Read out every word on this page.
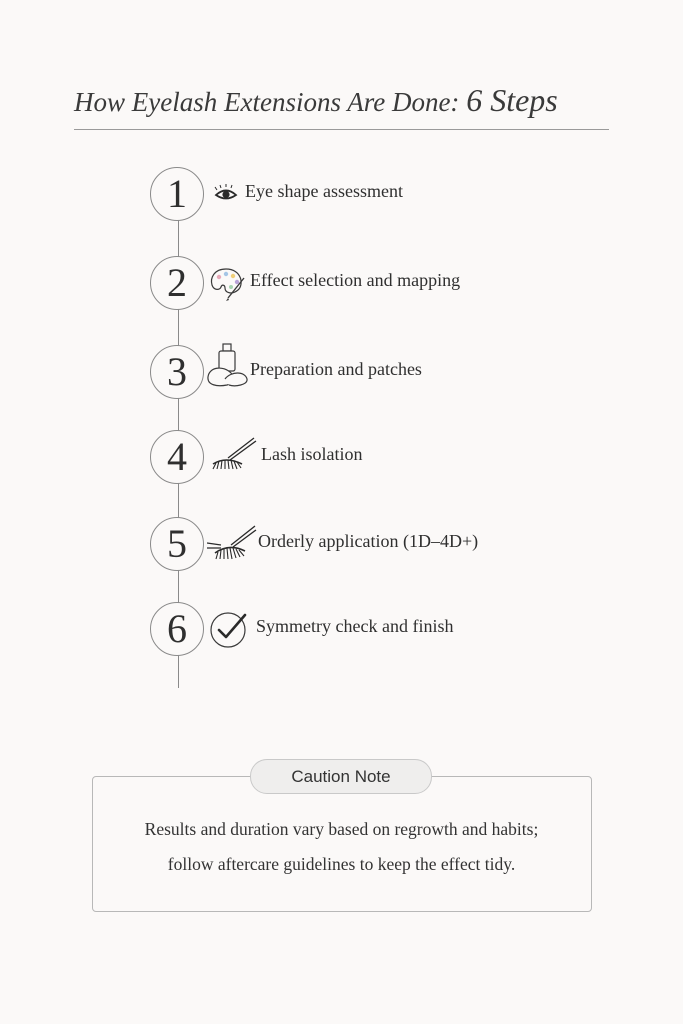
How Eyelash Extensions Are Done: 6 Steps
1	Eye shape assessment
2	Effect selection and mapping
3	Preparation and patches
4	Lash isolation
5	Orderly application (1D–4D+)
6	Symmetry check and finish
Caution Note
Results and duration vary based on regrowth and habits;
follow aftercare guidelines to keep the effect tidy.
